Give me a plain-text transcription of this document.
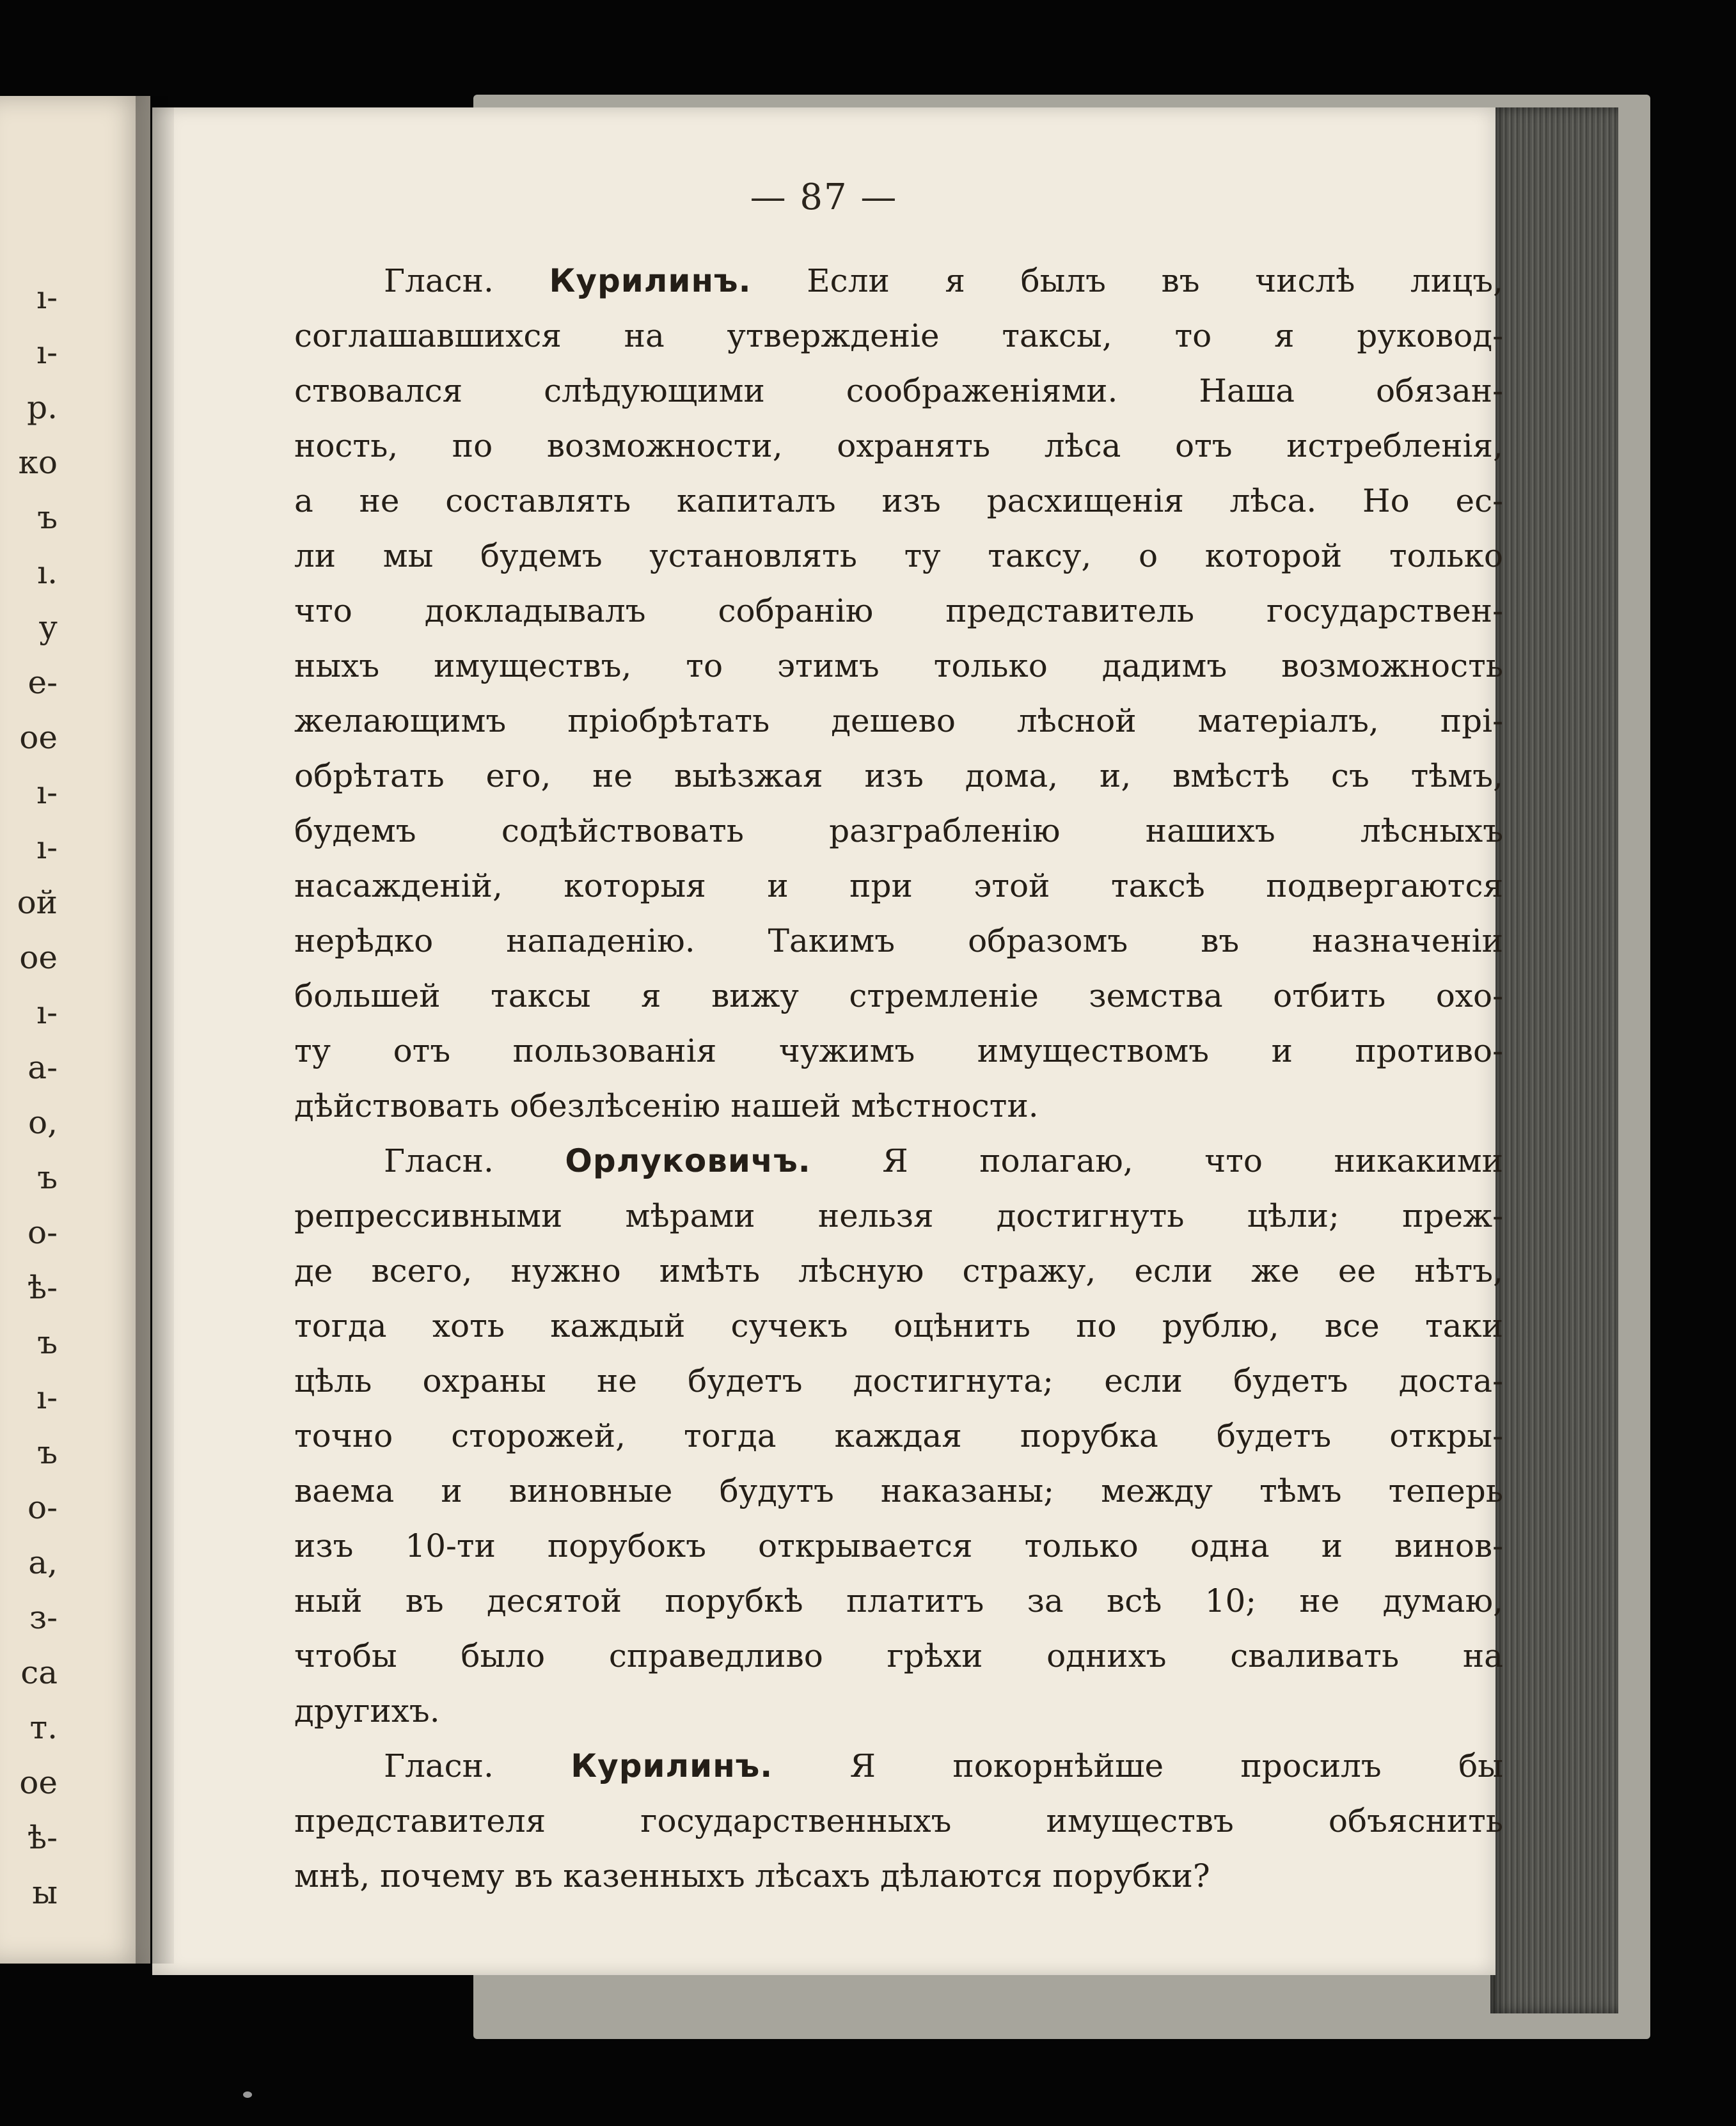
ı-
ı-
р.
ко
ъ
ı.
у
е-
ое
ı-
ı-
ой
ое
ı-
а-
о,
ъ
о-
ѣ-
ъ
ı-
ъ
о-
а,
з-
са
т.
ое
ѣ-
ы
— 87 —
Гласн. Курилинъ. Если я былъ въ числѣ лицъ,
соглашавшихся на утвержденіе таксы, то я руковод-
ствовался слѣдующими соображеніями. Наша обязан-
ность, по возможности, охранять лѣса отъ истребленія,
а не составлять капиталъ изъ расхищенія лѣса. Но ес-
ли мы будемъ установлять ту таксу, о которой только
что докладывалъ собранію представитель государствен-
ныхъ имуществъ, то этимъ только дадимъ возможность
желающимъ пріобрѣтать дешево лѣсной матеріалъ, прі-
обрѣтать его, не выѣзжая изъ дома, и, вмѣстѣ съ тѣмъ,
будемъ содѣйствовать разграбленію нашихъ лѣсныхъ
насажденій, которыя и при этой таксѣ подвергаются
нерѣдко нападенію. Такимъ образомъ въ назначеніи
большей таксы я вижу стремленіе земства отбить охо-
ту отъ пользованія чужимъ имуществомъ и противо-
дѣйствовать обезлѣсенію нашей мѣстности.
Гласн. Орлуковичъ. Я полагаю, что никакими
репрессивными мѣрами нельзя достигнуть цѣли; преж-
де всего, нужно имѣть лѣсную стражу, если же ее нѣтъ,
тогда хоть каждый сучекъ оцѣнить по рублю, все таки
цѣль охраны не будетъ достигнута; если будетъ доста-
точно сторожей, тогда каждая порубка будетъ откры-
ваема и виновные будутъ наказаны; между тѣмъ теперь
изъ 10-ти порубокъ открывается только одна и винов-
ный въ десятой порубкѣ платитъ за всѣ 10; не думаю,
чтобы было справедливо грѣхи однихъ сваливать на
другихъ.
Гласн. Курилинъ. Я покорнѣйше просилъ бы
представителя государственныхъ имуществъ объяснить
мнѣ, почему въ казенныхъ лѣсахъ дѣлаются порубки?
